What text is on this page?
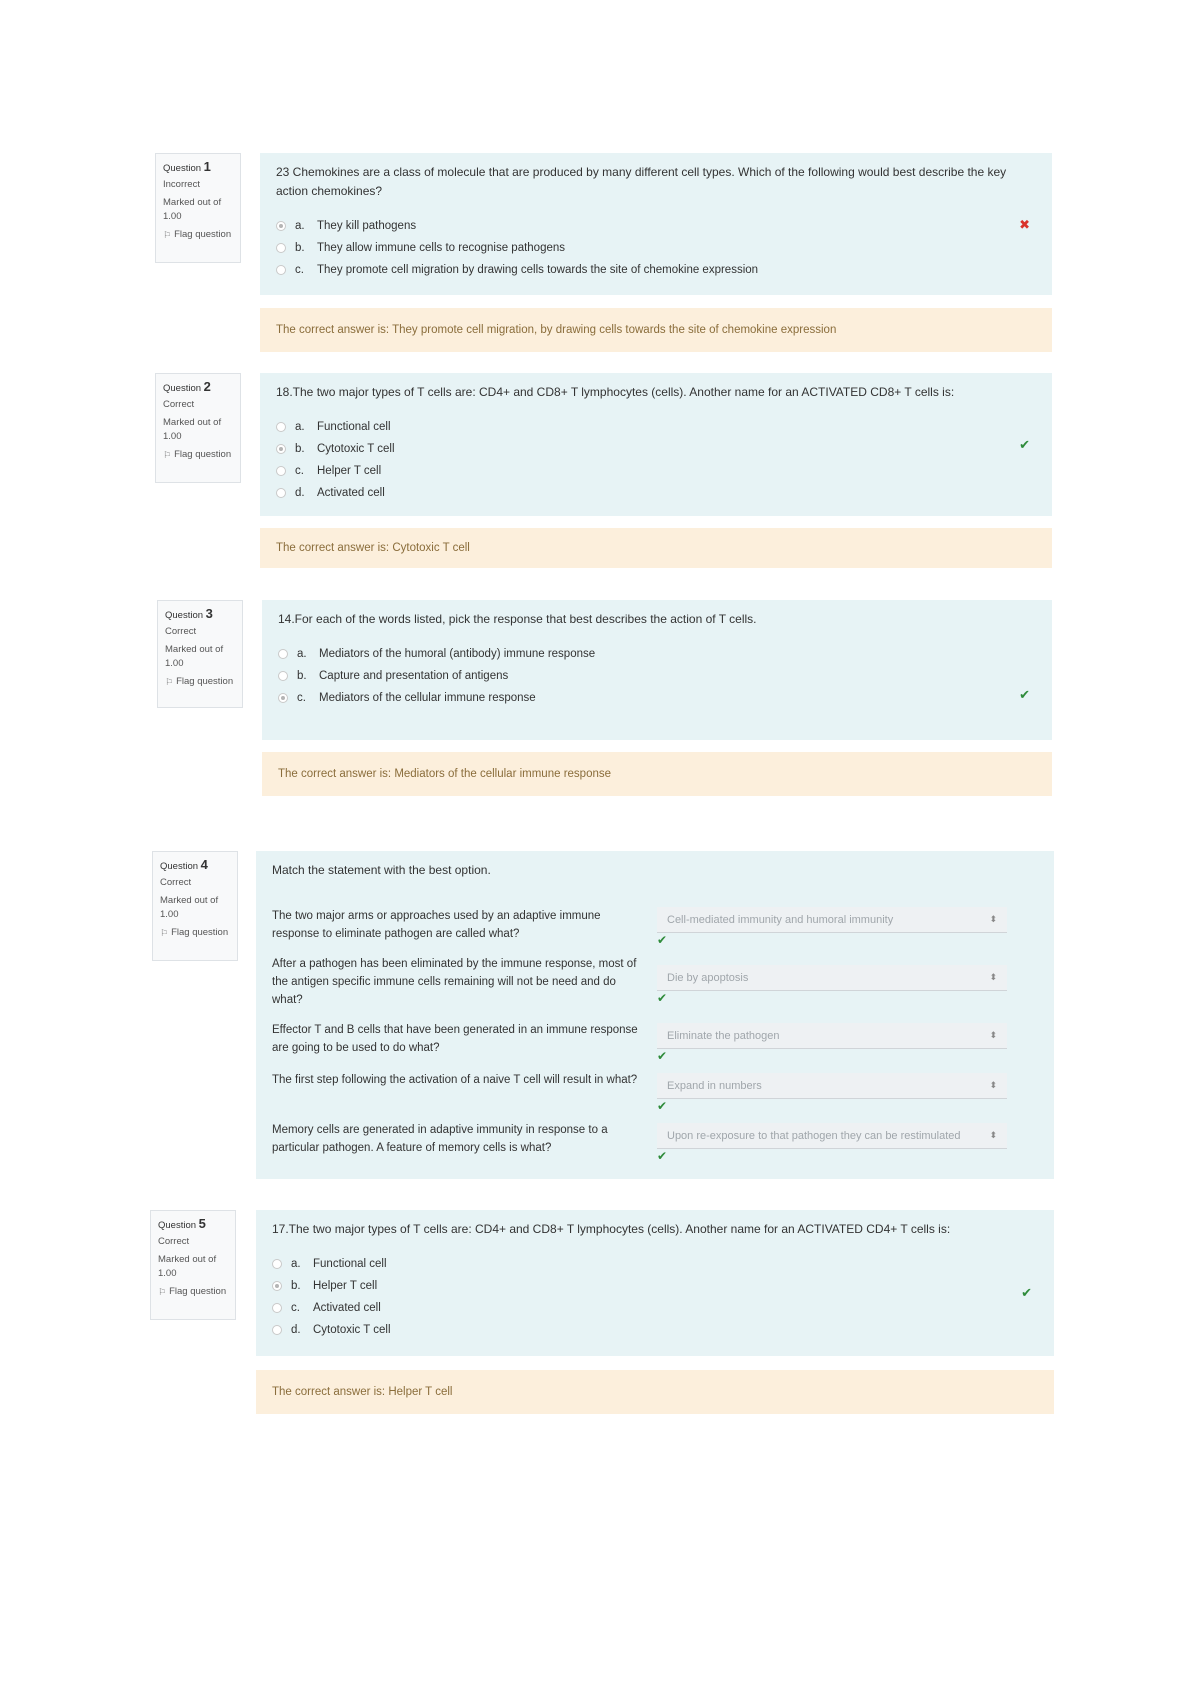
Question 1
Incorrect
Marked out of 1.00
⚐ Flag question
23 Chemokines are a class of molecule that are produced by many different cell types. Which of the following would best describe the key action chemokines?
a.	They kill pathogens
b.	They allow immune cells to recognise pathogens
c.	They promote cell migration by drawing cells towards the site of chemokine expression
✖
The correct answer is: They promote cell migration, by drawing cells towards the site of chemokine expression
Question 2
Correct
Marked out of 1.00
⚐ Flag question
18.The two major types of T cells are: CD4+ and CD8+ T lymphocytes (cells). Another name for an ACTIVATED CD8+ T cells is:
a.	Functional cell
b.	Cytotoxic T cell
c.	Helper T cell
d.	Activated cell
✔
The correct answer is: Cytotoxic T cell
Question 3
Correct
Marked out of 1.00
⚐ Flag question
14.For each of the words listed, pick the response that best describes the action of T cells.
a.	Mediators of the humoral (antibody) immune response
b.	Capture and presentation of antigens
c.	Mediators of the cellular immune response	✔
The correct answer is: Mediators of the cellular immune response
Question 4
Correct
Marked out of 1.00
⚐ Flag question
Match the statement with the best option.
The two major arms or approaches used by an adaptive immune response to eliminate pathogen are called what?
Cell-mediated immunity and humoral immunity	⬍
✔
After a pathogen has been eliminated by the immune response, most of the antigen specific immune cells remaining will not be need and do what?
Die by apoptosis	⬍
✔
Effector T and B cells that have been generated in an immune response are going to be used to do what?
Eliminate the pathogen	⬍
✔
The first step following the activation of a naive T cell will result in what?	Expand in numbers	⬍
✔
Memory cells are generated in adaptive immunity in response to a particular pathogen. A feature of memory cells is what?
Upon re-exposure to that pathogen they can be restimulated	⬍
✔
Question 5
Correct
Marked out of 1.00
⚐ Flag question
17.The two major types of T cells are: CD4+ and CD8+ T lymphocytes (cells). Another name for an ACTIVATED CD4+ T cells is:
a.	Functional cell
b.	Helper T cell
c.	Activated cell
d.	Cytotoxic T cell
✔
The correct answer is: Helper T cell
